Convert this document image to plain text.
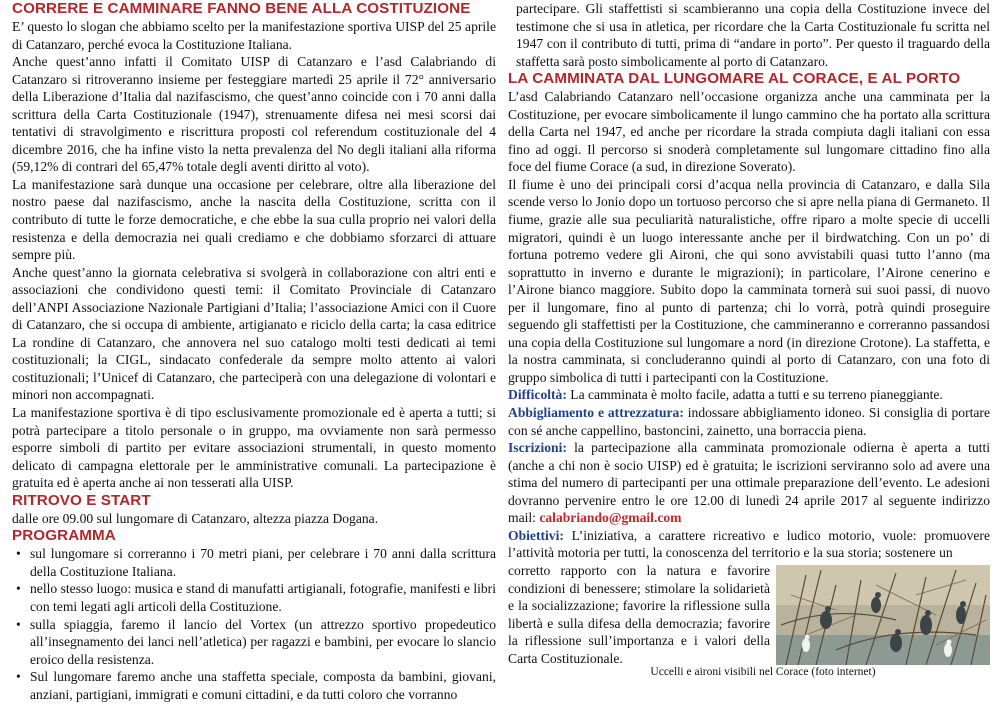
CORRERE E CAMMINARE FANNO BENE ALLA COSTITUZIONE

E’ questo lo slogan che abbiamo scelto per la manifestazione sportiva UISP del 25 aprile di Catanzaro, perché evoca la Costituzione Italiana.

Anche quest’anno infatti il Comitato UISP di Catanzaro e l’asd Calabriando di Catanzaro si ritroveranno insieme per festeggiare martedì 25 aprile il 72° anniversario della Liberazione d’Italia dal nazifascismo, che quest’anno coincide con i 70 anni dalla scrittura della Carta Costituzionale (1947), strenuamente difesa nei mesi scorsi dai tentativi di stravolgimento e riscrittura proposti col referendum costituzionale del 4 dicembre 2016, che ha infine visto la netta prevalenza del No degli italiani alla riforma (59,12% di contrari del 65,47% totale degli aventi diritto al voto).

La manifestazione sarà dunque una occasione per celebrare, oltre alla liberazione del nostro paese dal nazifascismo, anche la nascita della Costituzione, scritta con il contributo di tutte le forze democratiche, e che ebbe la sua culla proprio nei valori della resistenza e della democrazia nei quali crediamo e che dobbiamo sforzarci di attuare sempre più.

Anche quest’anno la giornata celebrativa si svolgerà in collaborazione con altri enti e associazioni che condividono questi temi: il Comitato Provinciale di Catanzaro dell’ANPI Associazione Nazionale Partigiani d’Italia; l’associazione Amici con il Cuore di Catanzaro, che si occupa di ambiente, artigianato e riciclo della carta; la casa editrice La rondine di Catanzaro, che annovera nel suo catalogo molti testi dedicati ai temi costituzionali; la CIGL, sindacato confederale da sempre molto attento ai valori costituzionali; l’Unicef di Catanzaro, che parteciperà con una delegazione di volontari e minori non accompagnati.

La manifestazione sportiva è di tipo esclusivamente promozionale ed è aperta a tutti; si potrà partecipare a titolo personale o in gruppo, ma ovviamente non sarà permesso esporre simboli di partito per evitare associazioni strumentali, in questo momento delicato di campagna elettorale per le amministrative comunali. La partecipazione è gratuita ed è aperta anche ai non tesserati alla UISP.

RITROVO E START

dalle ore 09.00 sul lungomare di Catanzaro, altezza piazza Dogana.

PROGRAMMA
• sul lungomare si correranno i 70 metri piani, per celebrare i 70 anni dalla scrittura della Costituzione Italiana.
• nello stesso luogo: musica e stand di manufatti artigianali, fotografie, manifesti e libri con temi legati agli articoli della Costituzione.
• sulla spiaggia, faremo il lancio del Vortex (un attrezzo sportivo propedeutico all’insegnamento dei lanci nell’atletica) per ragazzi e bambini, per evocare lo slancio eroico della resistenza.
• Sul lungomare faremo anche una staffetta speciale, composta da bambini, giovani, anziani, partigiani, immigrati e comuni cittadini, e da tutti coloro che vorranno

partecipare. Gli staffettisti si scambieranno una copia della Costituzione invece del testimone che si usa in atletica, per ricordare che la Carta Costituzionale fu scritta nel 1947 con il contributo di tutti, prima di “andare in porto”. Per questo il traguardo della staffetta sarà posto simbolicamente al porto di Catanzaro.

LA CAMMINATA DAL LUNGOMARE AL CORACE, E AL PORTO

L’asd Calabriando Catanzaro nell’occasione organizza anche una camminata per la Costituzione, per evocare simbolicamente il lungo cammino che ha portato alla scrittura della Carta nel 1947, ed anche per ricordare la strada compiuta dagli italiani con essa fino ad oggi. Il percorso si snoderà completamente sul lungomare cittadino fino alla foce del fiume Corace (a sud, in direzione Soverato).

Il fiume è uno dei principali corsi d’acqua nella provincia di Catanzaro, e dalla Sila scende verso lo Jonio dopo un tortuoso percorso che si apre nella piana di Germaneto. Il fiume, grazie alle sua peculiarità naturalistiche, offre riparo a molte specie di uccelli migratori, quindi è un luogo interessante anche per il birdwatching. Con un po’ di fortuna potremo vedere gli Aironi, che qui sono avvistabili quasi tutto l’anno (ma soprattutto in inverno e durante le migrazioni); in particolare, l’Airone cenerino e l’Airone bianco maggiore. Subito dopo la camminata tornerà sui suoi passi, di nuovo per il lungomare, fino al punto di partenza; chi lo vorrà, potrà quindi proseguire seguendo gli staffettisti per la Costituzione, che cammineranno e correranno passandosi una copia della Costituzione sul lungomare a nord (in direzione Crotone). La staffetta, e la nostra camminata, si concluderanno quindi al porto di Catanzaro, con una foto di gruppo simbolica di tutti i partecipanti con la Costituzione.

Difficoltà: La camminata è molto facile, adatta a tutti e su terreno pianeggiante.

Abbigliamento e attrezzatura: indossare abbigliamento idoneo. Si consiglia di portare con sé anche cappellino, bastoncini, zainetto, una borraccia piena.

Iscrizioni: la partecipazione alla camminata promozionale odierna è aperta a tutti (anche a chi non è socio UISP) ed è gratuita; le iscrizioni serviranno solo ad avere una stima del numero di partecipanti per una ottimale preparazione dell’evento. Le adesioni dovranno pervenire entro le ore 12.00 di lunedì 24 aprile 2017 al seguente indirizzo mail: calabriando@gmail.com

Obiettivi: L’iniziativa, a carattere ricreativo e ludico motorio, vuole: promuovere l’attività motoria per tutti, la conoscenza del territorio e la sua storia; sostenere un

corretto rapporto con la natura e favorire condizioni di benessere; stimolare la solidarietà e la socializzazione; favorire la riflessione sulla libertà e sulla difesa della democrazia; favorire la riflessione sull’importanza e i valori della Carta Costituzionale.

Uccelli e aironi visibili nel Corace (foto internet)
